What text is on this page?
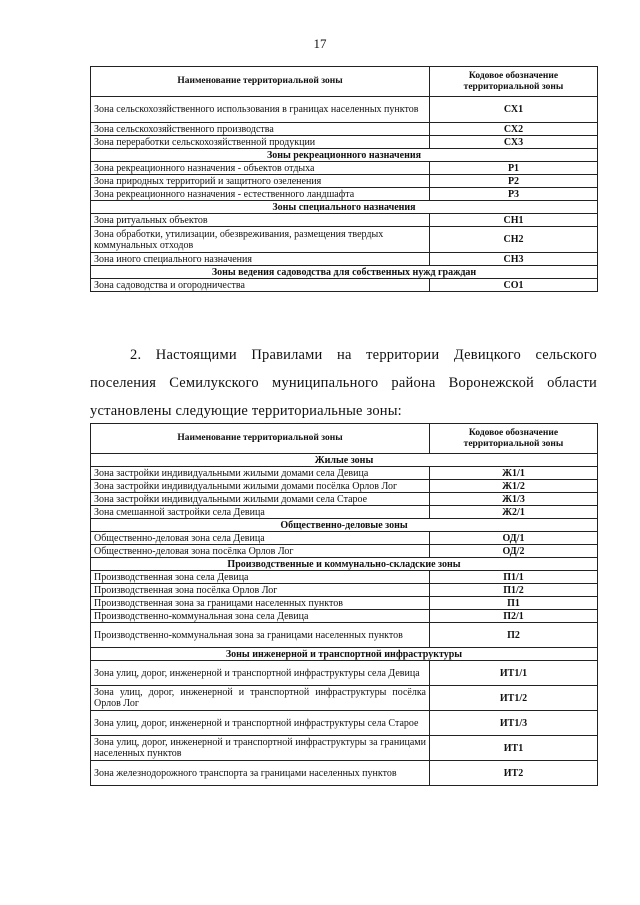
17
Наименование территориальной зоны	Кодовое обозначение территориальной зоны
Зона сельскохозяйственного использования в границах населенных пунктов	СХ1
Зона сельскохозяйственного производства	СХ2
Зона переработки сельскохозяйственной продукции	СХ3
Зоны рекреационного назначения	
Зона рекреационного назначения - объектов отдыха	Р1
Зона природных территорий и защитного озеленения	Р2
Зона рекреационного назначения - естественного ландшафта	Р3
Зоны специального назначения	
Зона ритуальных объектов	СН1
Зона обработки, утилизации, обезвреживания, размещения твердых коммунальных отходов	СН2
Зона иного специального назначения	СН3
Зоны ведения садоводства для собственных нужд граждан	
Зона садоводства и огородничества	СО1
2. Настоящими Правилами на территории Девицкого сельского поселения Семилукского муниципального района Воронежской области установлены следующие территориальные зоны:
Наименование территориальной зоны	Кодовое обозначение территориальной зоны
Жилые зоны	
Зона застройки индивидуальными жилыми домами села Девица	Ж1/1
Зона застройки индивидуальными жилыми домами посёлка Орлов Лог	Ж1/2
Зона застройки индивидуальными жилыми домами села Старое	Ж1/3
Зона смешанной застройки села Девица	Ж2/1
Общественно-деловые зоны	
Общественно-деловая зона села Девица	ОД/1
Общественно-деловая зона посёлка Орлов Лог	ОД/2
Производственные и коммунально-складские зоны	
Производственная зона села Девица	П1/1
Производственная зона посёлка Орлов Лог	П1/2
Производственная зона за границами населенных пунктов	П1
Производственно-коммунальная зона села Девица	П2/1
Производственно-коммунальная зона за границами населенных пунктов	П2
Зоны инженерной и транспортной инфраструктуры	
Зона улиц, дорог, инженерной и транспортной инфраструктуры села Девица	ИТ1/1
Зона улиц, дорог, инженерной и транспортной инфраструктуры посёлка Орлов Лог	ИТ1/2
Зона улиц, дорог, инженерной и транспортной инфраструктуры села Старое	ИТ1/3
Зона улиц, дорог, инженерной и транспортной инфраструктуры за границами населенных пунктов	ИТ1
Зона железнодорожного транспорта за границами населенных пунктов	ИТ2
